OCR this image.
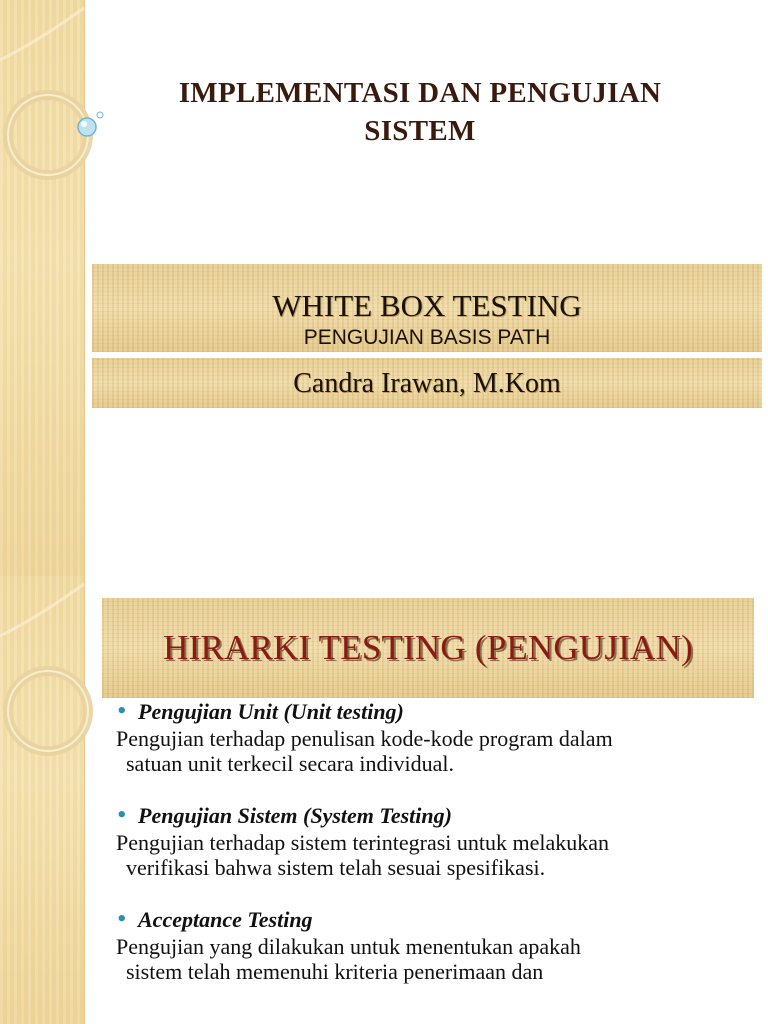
IMPLEMENTASI DAN PENGUJIAN
SISTEM
WHITE BOX TESTING
PENGUJIAN BASIS PATH
Candra Irawan, M.Kom
HIRARKI TESTING (PENGUJIAN)
• Pengujian Unit (Unit testing)
Pengujian terhadap penulisan kode-kode program dalam
satuan unit terkecil secara individual.
• Pengujian Sistem (System Testing)
Pengujian terhadap sistem terintegrasi untuk melakukan
verifikasi bahwa sistem telah sesuai spesifikasi.
• Acceptance Testing
Pengujian yang dilakukan untuk menentukan apakah
sistem telah memenuhi kriteria penerimaan dan
